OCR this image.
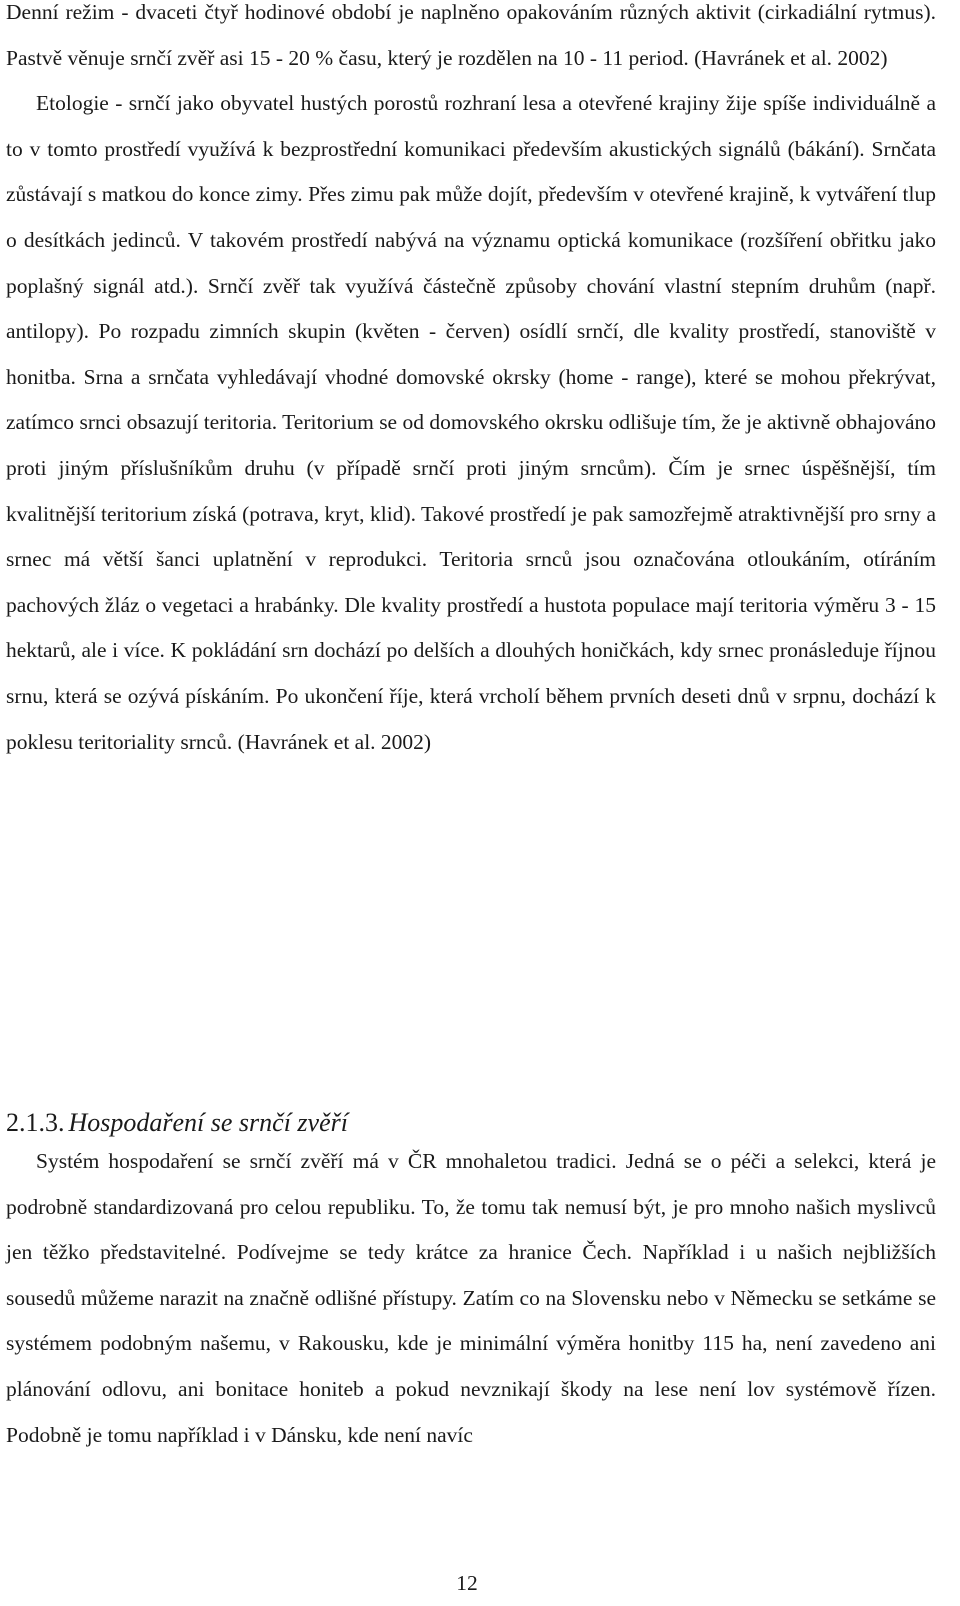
Denní režim - dvaceti čtyř hodinové období je naplněno opakováním různých aktivit (cirkadiální rytmus). Pastvě věnuje srnčí zvěř asi 15 - 20 % času, který je rozdělen na 10 - 11 period. (Havránek et al. 2002)

Etologie - srnčí jako obyvatel hustých porostů rozhraní lesa a otevřené krajiny žije spíše individuálně a to v tomto prostředí využívá k bezprostřední komunikaci především akustických signálů (bákání). Srnčata zůstávají s matkou do konce zimy. Přes zimu pak může dojít, především v otevřené krajině, k vytváření tlup o desítkách jedinců. V takovém prostředí nabývá na významu optická komunikace (rozšíření obřitku jako poplašný signál atd.). Srnčí zvěř tak využívá částečně způsoby chování vlastní stepním druhům (např. antilopy). Po rozpadu zimních skupin (květen - červen) osídlí srnčí, dle kvality prostředí, stanoviště v honitba. Srna a srnčata vyhledávají vhodné domovské okrsky (home - range), které se mohou překrývat, zatímco srnci obsazují teritoria. Teritorium se od domovského okrsku odlišuje tím, že je aktivně obhajováno proti jiným příslušníkům druhu (v případě srnčí proti jiným srncům). Čím je srnec úspěšnější, tím kvalitnější teritorium získá (potrava, kryt, klid). Takové prostředí je pak samozřejmě atraktivnější pro srny a srnec má větší šanci uplatnění v reprodukci. Teritoria srnců jsou označována otloukáním, otíráním pachových žláz o vegetaci a hrabánky. Dle kvality prostředí a hustota populace mají teritoria výměru 3 - 15 hektarů, ale i více. K pokládání srn dochází po delších a dlouhých honičkách, kdy srnec pronásleduje říjnou srnu, která se ozývá pískáním. Po ukončení říje, která vrcholí během prvních deseti dnů v srpnu, dochází k poklesu teritoriality srnců. (Havránek et al. 2002)

2.1.3. Hospodaření se srnčí zvěří

Systém hospodaření se srnčí zvěří má v ČR mnohaletou tradici. Jedná se o péči a selekci, která je podrobně standardizovaná pro celou republiku. To, že tomu tak nemusí být, je pro mnoho našich myslivců jen těžko představitelné. Podívejme se tedy krátce za hranice Čech. Například i u našich nejbližších sousedů můžeme narazit na značně odlišné přístupy. Zatím co na Slovensku nebo v Německu se setkáme se systémem podobným našemu, v Rakousku, kde je minimální výměra honitby 115 ha, není zavedeno ani plánování odlovu, ani bonitace honiteb a pokud nevznikají škody na lese není lov systémově řízen. Podobně je tomu například i v Dánsku, kde není navíc

12
